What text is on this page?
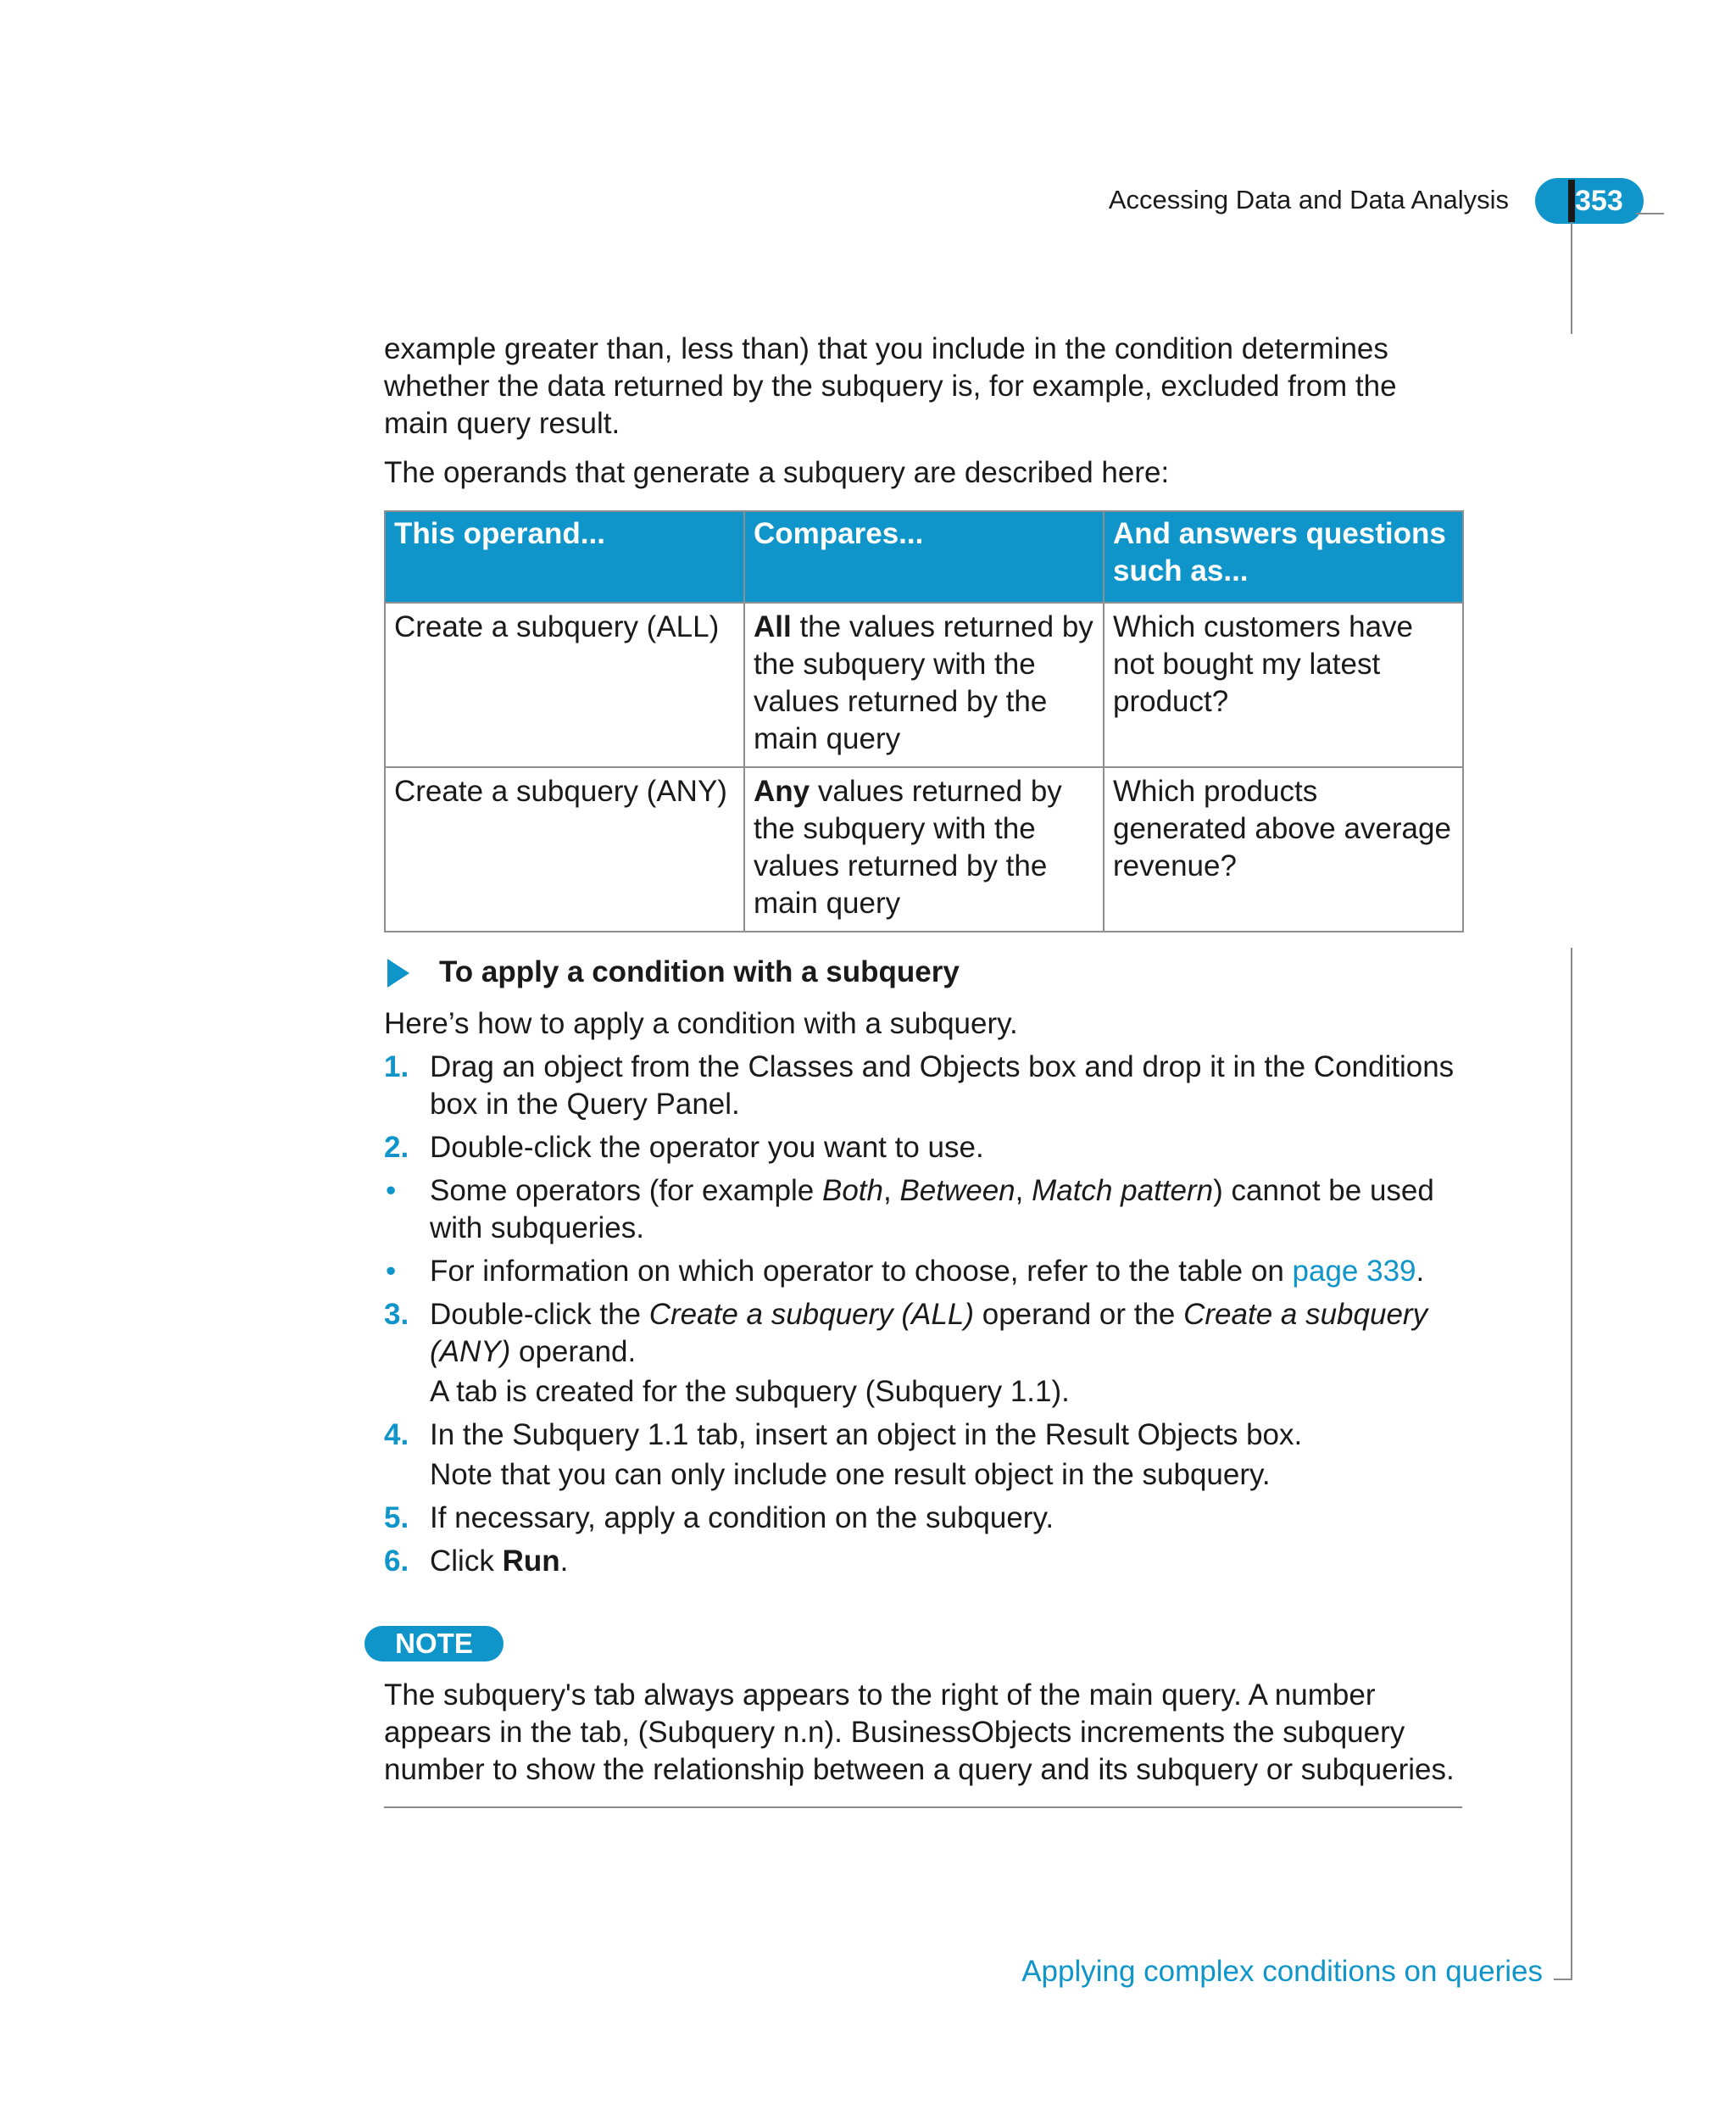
Accessing Data and Data Analysis 353
example greater than, less than) that you include in the condition determines whether the data returned by the subquery is, for example, excluded from the main query result.
The operands that generate a subquery are described here:
This operand...	Compares...	And answers questions such as...
Create a subquery (ALL)	All the values returned by the subquery with the values returned by the main query	Which customers have not bought my latest product?
Create a subquery (ANY)	Any values returned by the subquery with the values returned by the main query	Which products generated above average revenue?
To apply a condition with a subquery
Here’s how to apply a condition with a subquery.
1. Drag an object from the Classes and Objects box and drop it in the Conditions box in the Query Panel.
2. Double-click the operator you want to use.
• Some operators (for example Both, Between, Match pattern) cannot be used with subqueries.
• For information on which operator to choose, refer to the table on page 339.
3. Double-click the Create a subquery (ALL) operand or the Create a subquery (ANY) operand.
A tab is created for the subquery (Subquery 1.1).
4. In the Subquery 1.1 tab, insert an object in the Result Objects box.
Note that you can only include one result object in the subquery.
5. If necessary, apply a condition on the subquery.
6. Click Run.
NOTE
The subquery's tab always appears to the right of the main query. A number appears in the tab, (Subquery n.n). BusinessObjects increments the subquery number to show the relationship between a query and its subquery or subqueries.
Applying complex conditions on queries
